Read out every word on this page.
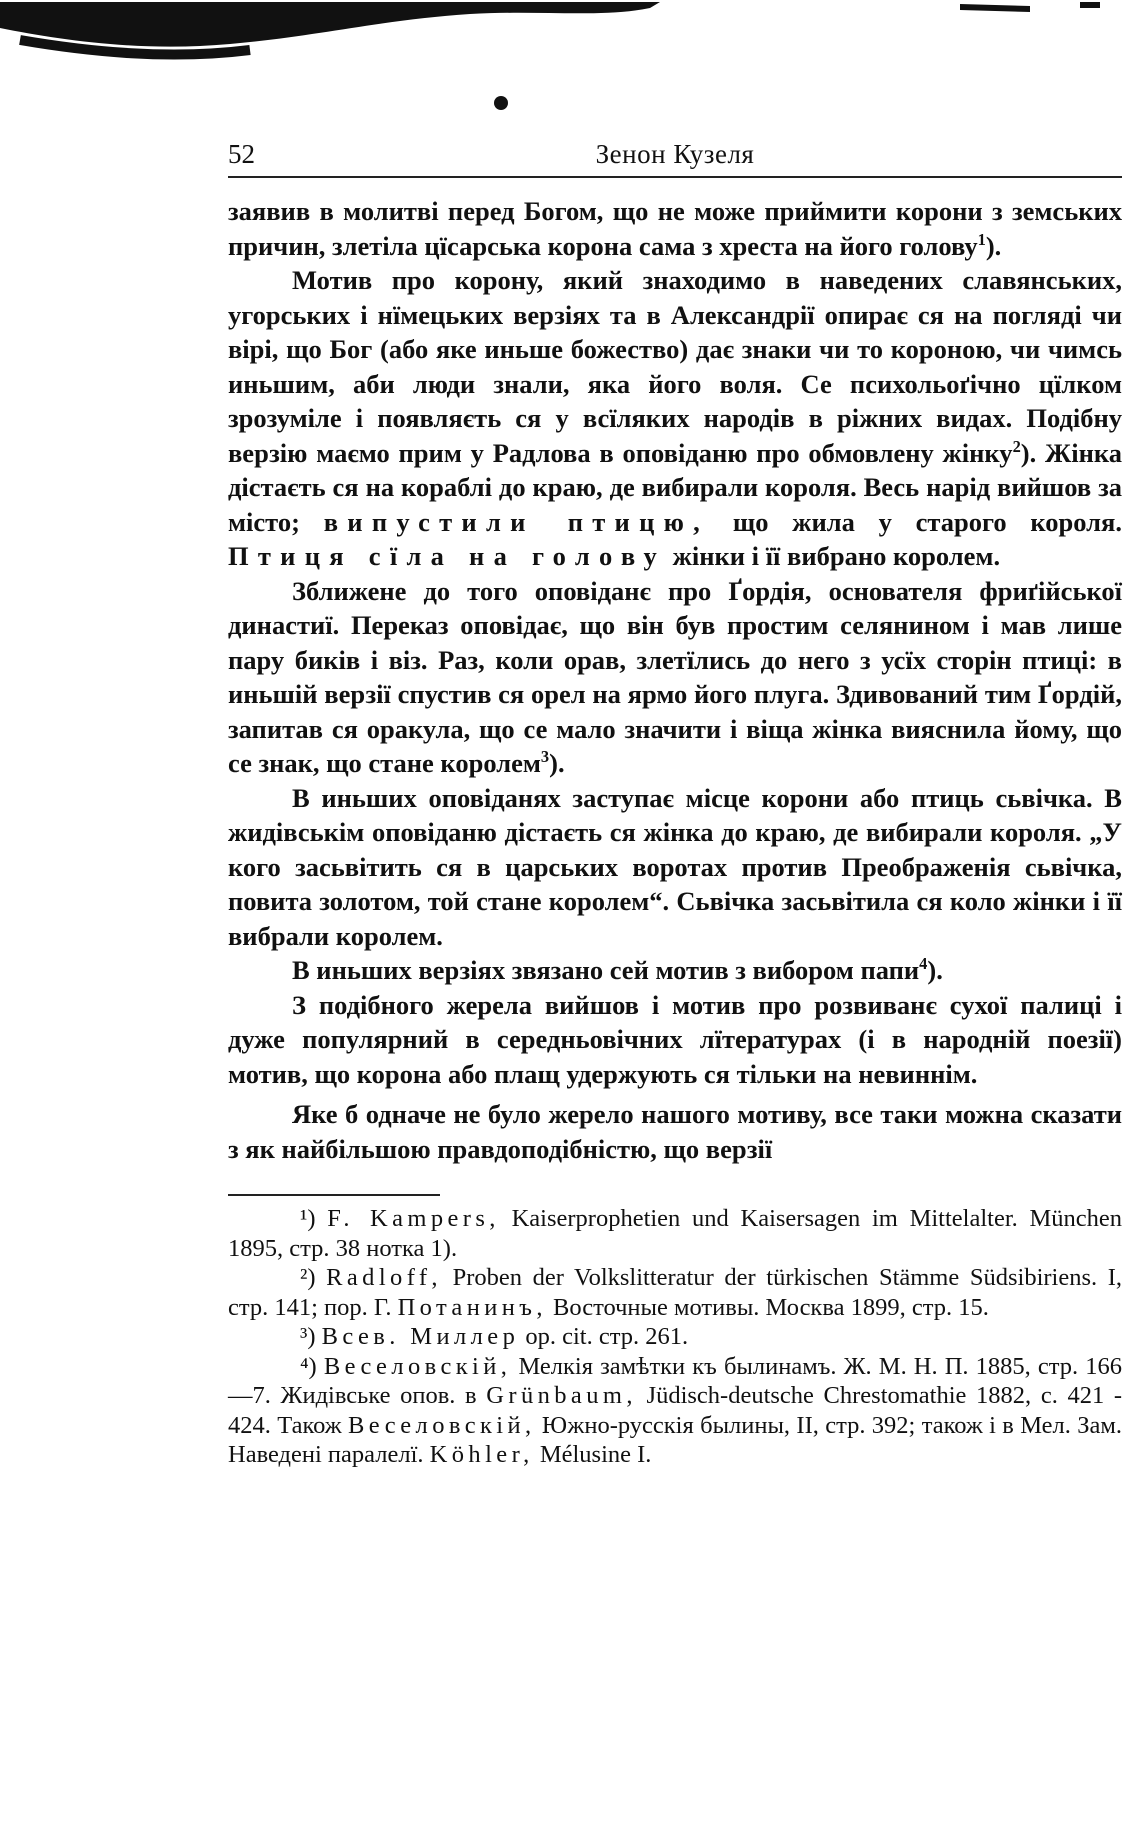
52	Зенон Кузеля

заявив в молитві перед Богом, що не може приймити корони з земських причин, злетіла цїсарська корона сама з хреста на його голову$^1$).

Мотив про корону, який знаходимо в наведених славянських, угорських і нїмецьких верзіях та в Александрії опирає ся на погляді чи вірі, що Бог (або яке иньше божество) дає знаки чи то короною, чи чимсь иньшим, аби люди знали, яка його воля. Се психольоґічно цїлком зрозуміле і появляєть ся у всїляких народів в ріжних видах. Подібну верзію маємо прим у Радлова в оповіданю про обмовлену жінку$^2$). Жінка дістаєть ся на кораблі до краю, де вибирали короля. Весь нарід вийшов за місто; випустили птицю, що жила у старого короля. Птиця сїла на голову жінки і її вибрано королем.

Зближене до того оповіданє про Ґордія, основателя фриґійської династиї. Переказ оповідає, що він був простим селянином і мав лише пару биків і віз. Раз, коли орав, злетїлись до него з усїх сторін птиці: в иньшій верзії спустив ся орел на ярмо його плуга. Здивований тим Ґордій, запитав ся оракула, що се мало значити і віща жінка вияснила йому, що се знак, що стане королем$^3$).

В иньших оповіданях заступає місце корони або птиць сьвічка. В жидівськім оповіданю дістаєть ся жінка до краю, де вибирали короля. „У кого засьвітить ся в царських воротах против Преображенія сьвічка, повита золотом, той стане королем“. Сьвічка засьвітила ся коло жінки і її вибрали королем.

В иньших верзіях звязано сей мотив з вибором папи$^4$).

З подібного жерела вийшов і мотив про розвиванє сухої палиці і дуже популярний в середньовічних лїтературах (і в народній поезії) мотив, що корона або плащ удержують ся тільки на невиннім.

Яке б одначе не було жерело нашого мотиву, все таки можна сказати з як найбільшою правдоподібністю, що верзії

¹) F. Kampers, Kaiserprophetien und Kaisersagen im Mittelalter. München 1895, стр. 38 нотка 1).

²) Radloff, Proben der Volkslitteratur der türkischen Stämme Südsibiriens. I, стр. 141; пор. Г. Потанинъ, Восточные мотивы. Москва 1899, стр. 15.

³) Всев. Миллер op. cit. стр. 261.

⁴) Веселовскій, Мелкія замѣтки къ былинамъ. Ж. М. Н. П. 1885, стр. 166—7. Жидівське опов. в Grünbaum, Jüdisch-deutsche Chrestomathie 1882, с. 421 - 424. Також Веселовскій, Южно-русскія былины, II, стр. 392; також і в Мел. Зам. Наведені паралелї. Köhler, Mélusine I.
